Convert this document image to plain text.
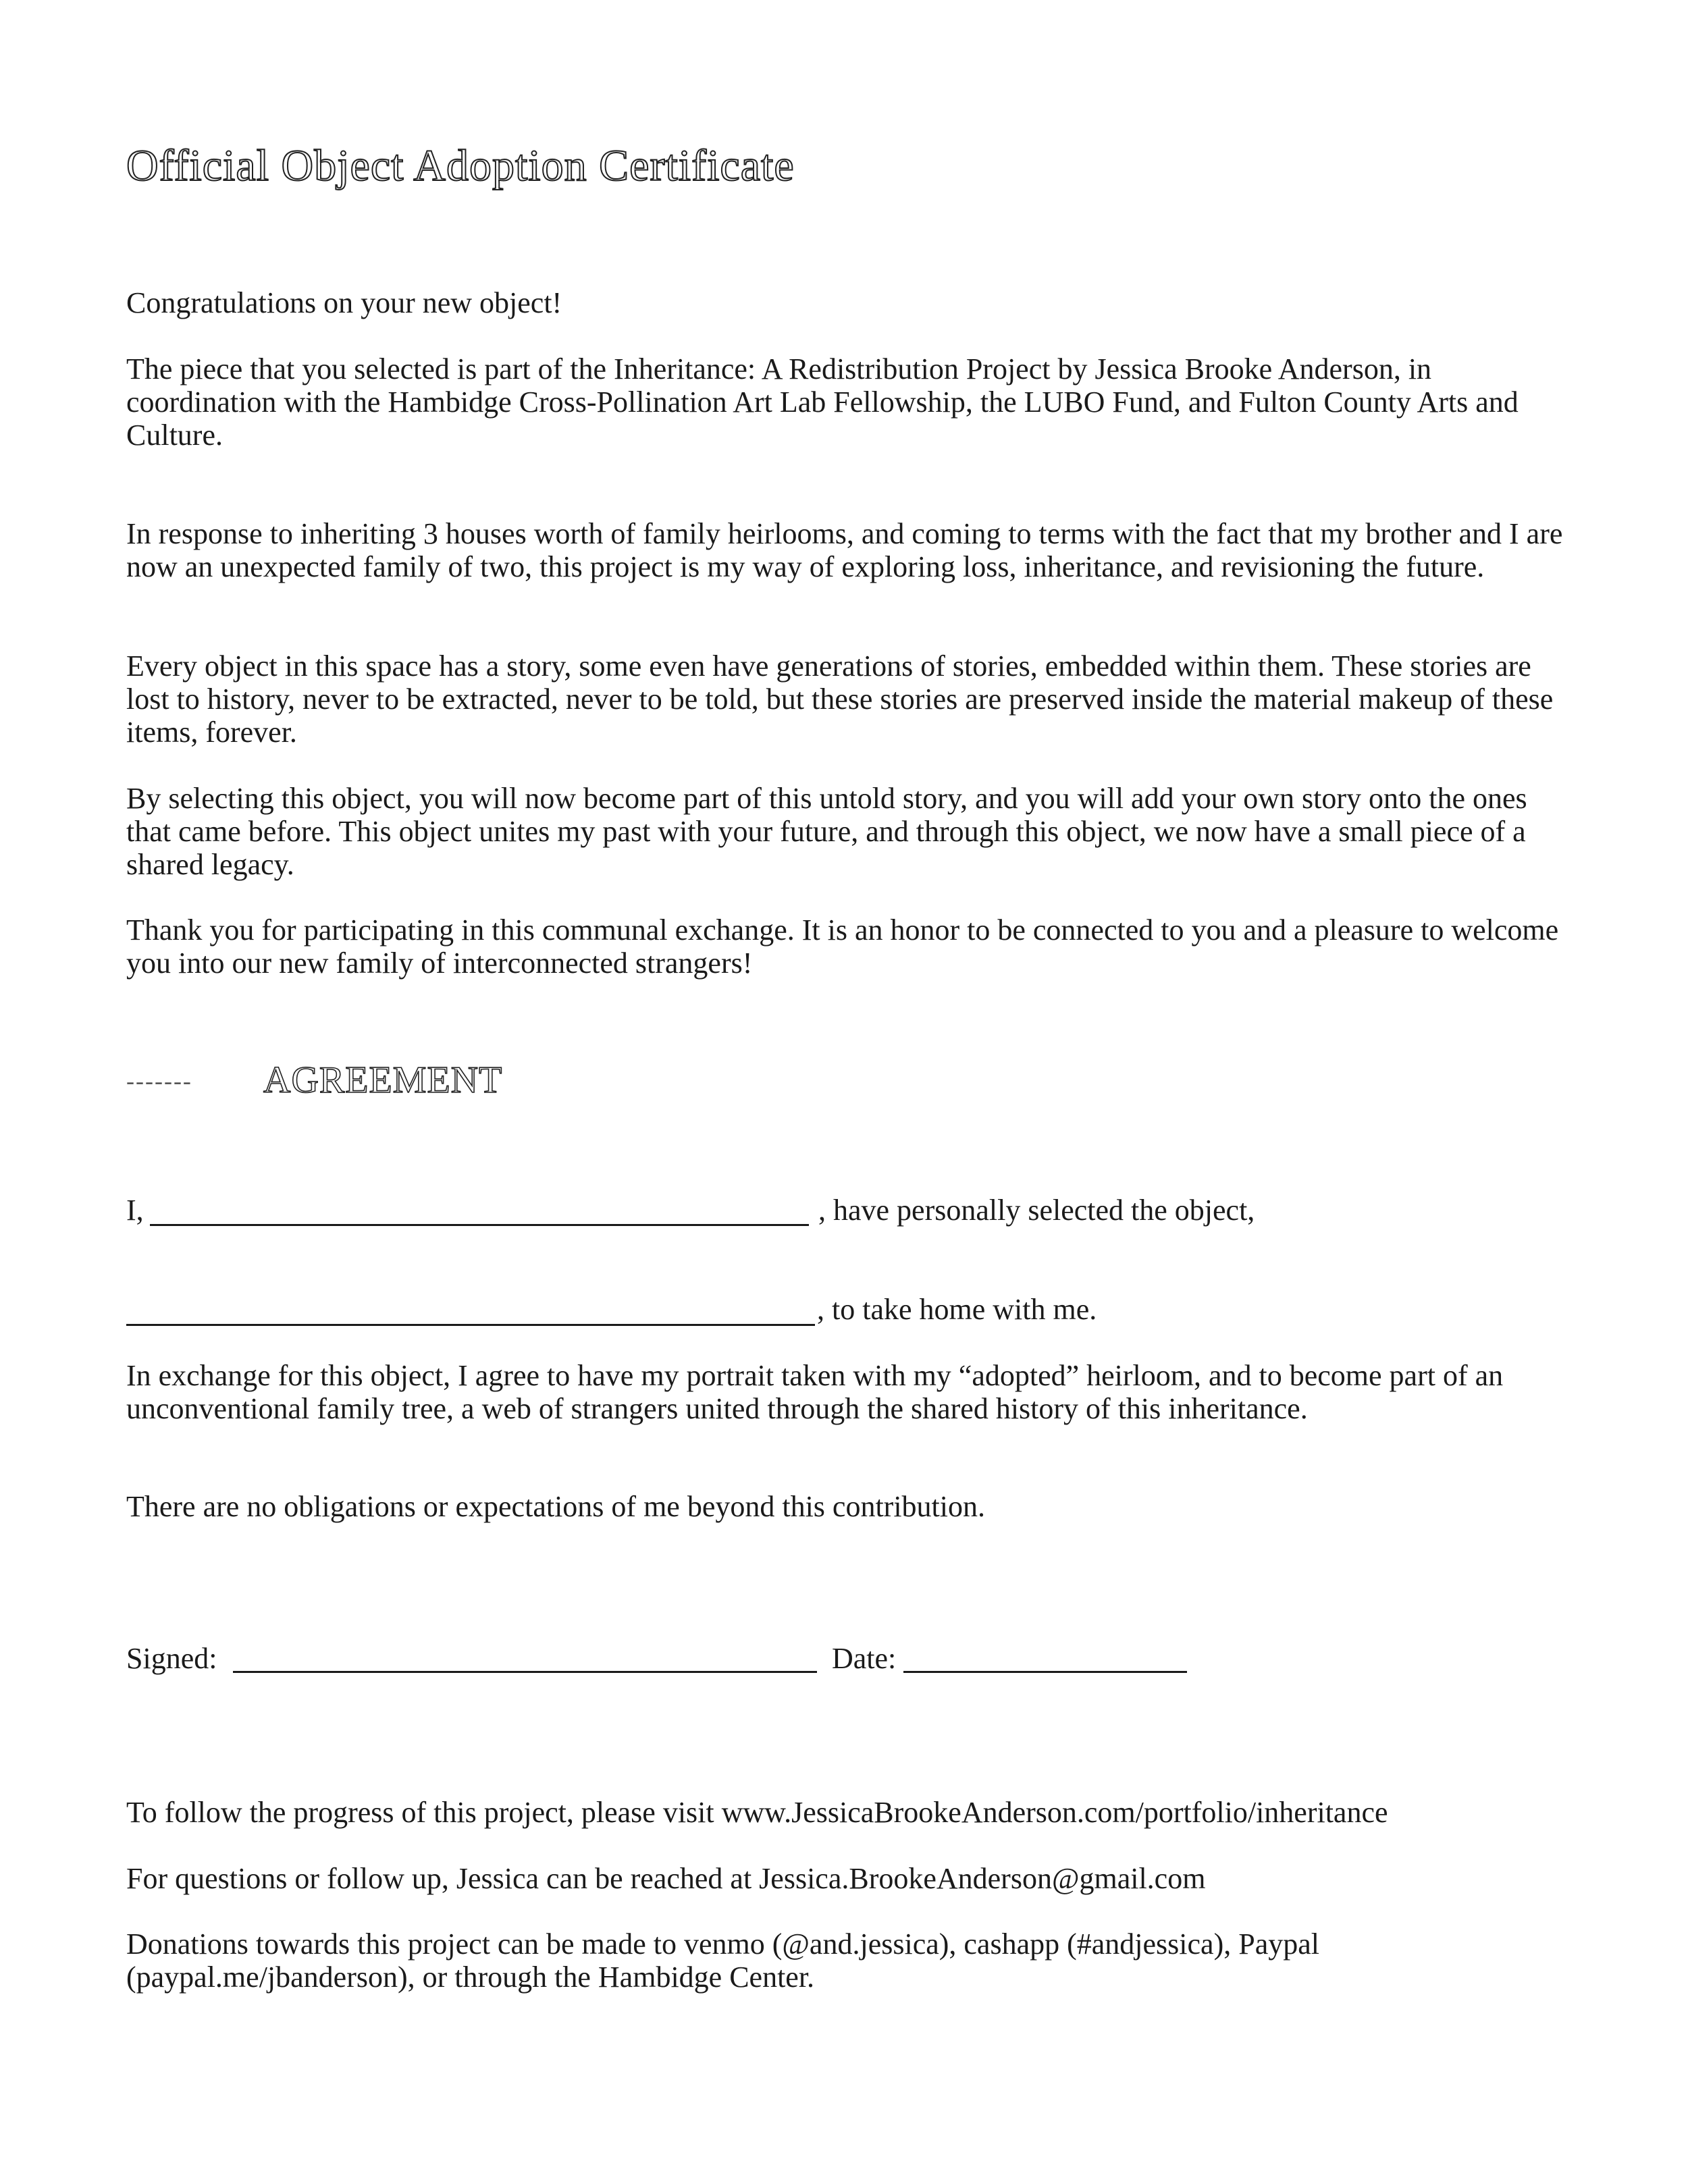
Official Object Adoption Certificate

Congratulations on your new object!

The piece that you selected is part of the Inheritance: A Redistribution Project by Jessica Brooke Anderson, in coordination with the Hambidge Cross-Pollination Art Lab Fellowship, the LUBO Fund, and Fulton County Arts and Culture.

In response to inheriting 3 houses worth of family heirlooms, and coming to terms with the fact that my brother and I are now an unexpected family of two, this project is my way of exploring loss, inheritance, and revisioning the future.

Every object in this space has a story, some even have generations of stories, embedded within them. These stories are lost to history, never to be extracted, never to be told, but these stories are preserved inside the material makeup of these items, forever.

By selecting this object, you will now become part of this untold story, and you will add your own story onto the ones that came before. This object unites my past with your future, and through this object, we now have a small piece of a shared legacy.

Thank you for participating in this communal exchange. It is an honor to be connected to you and a pleasure to welcome you into our new family of interconnected strangers!

------- AGREEMENT
I,	, have personally selected the object,
, to take home with me.

In exchange for this object, I agree to have my portrait taken with my “adopted” heirloom, and to become part of an unconventional family tree, a web of strangers united through the shared history of this inheritance.

There are no obligations or expectations of me beyond this contribution.

Signed:	Date:

To follow the progress of this project, please visit www.JessicaBrookeAnderson.com/portfolio/inheritance

For questions or follow up, Jessica can be reached at Jessica.BrookeAnderson@gmail.com

Donations towards this project can be made to venmo (@and.jessica), cashapp (#andjessica), Paypal (paypal.me/jbanderson), or through the Hambidge Center.
